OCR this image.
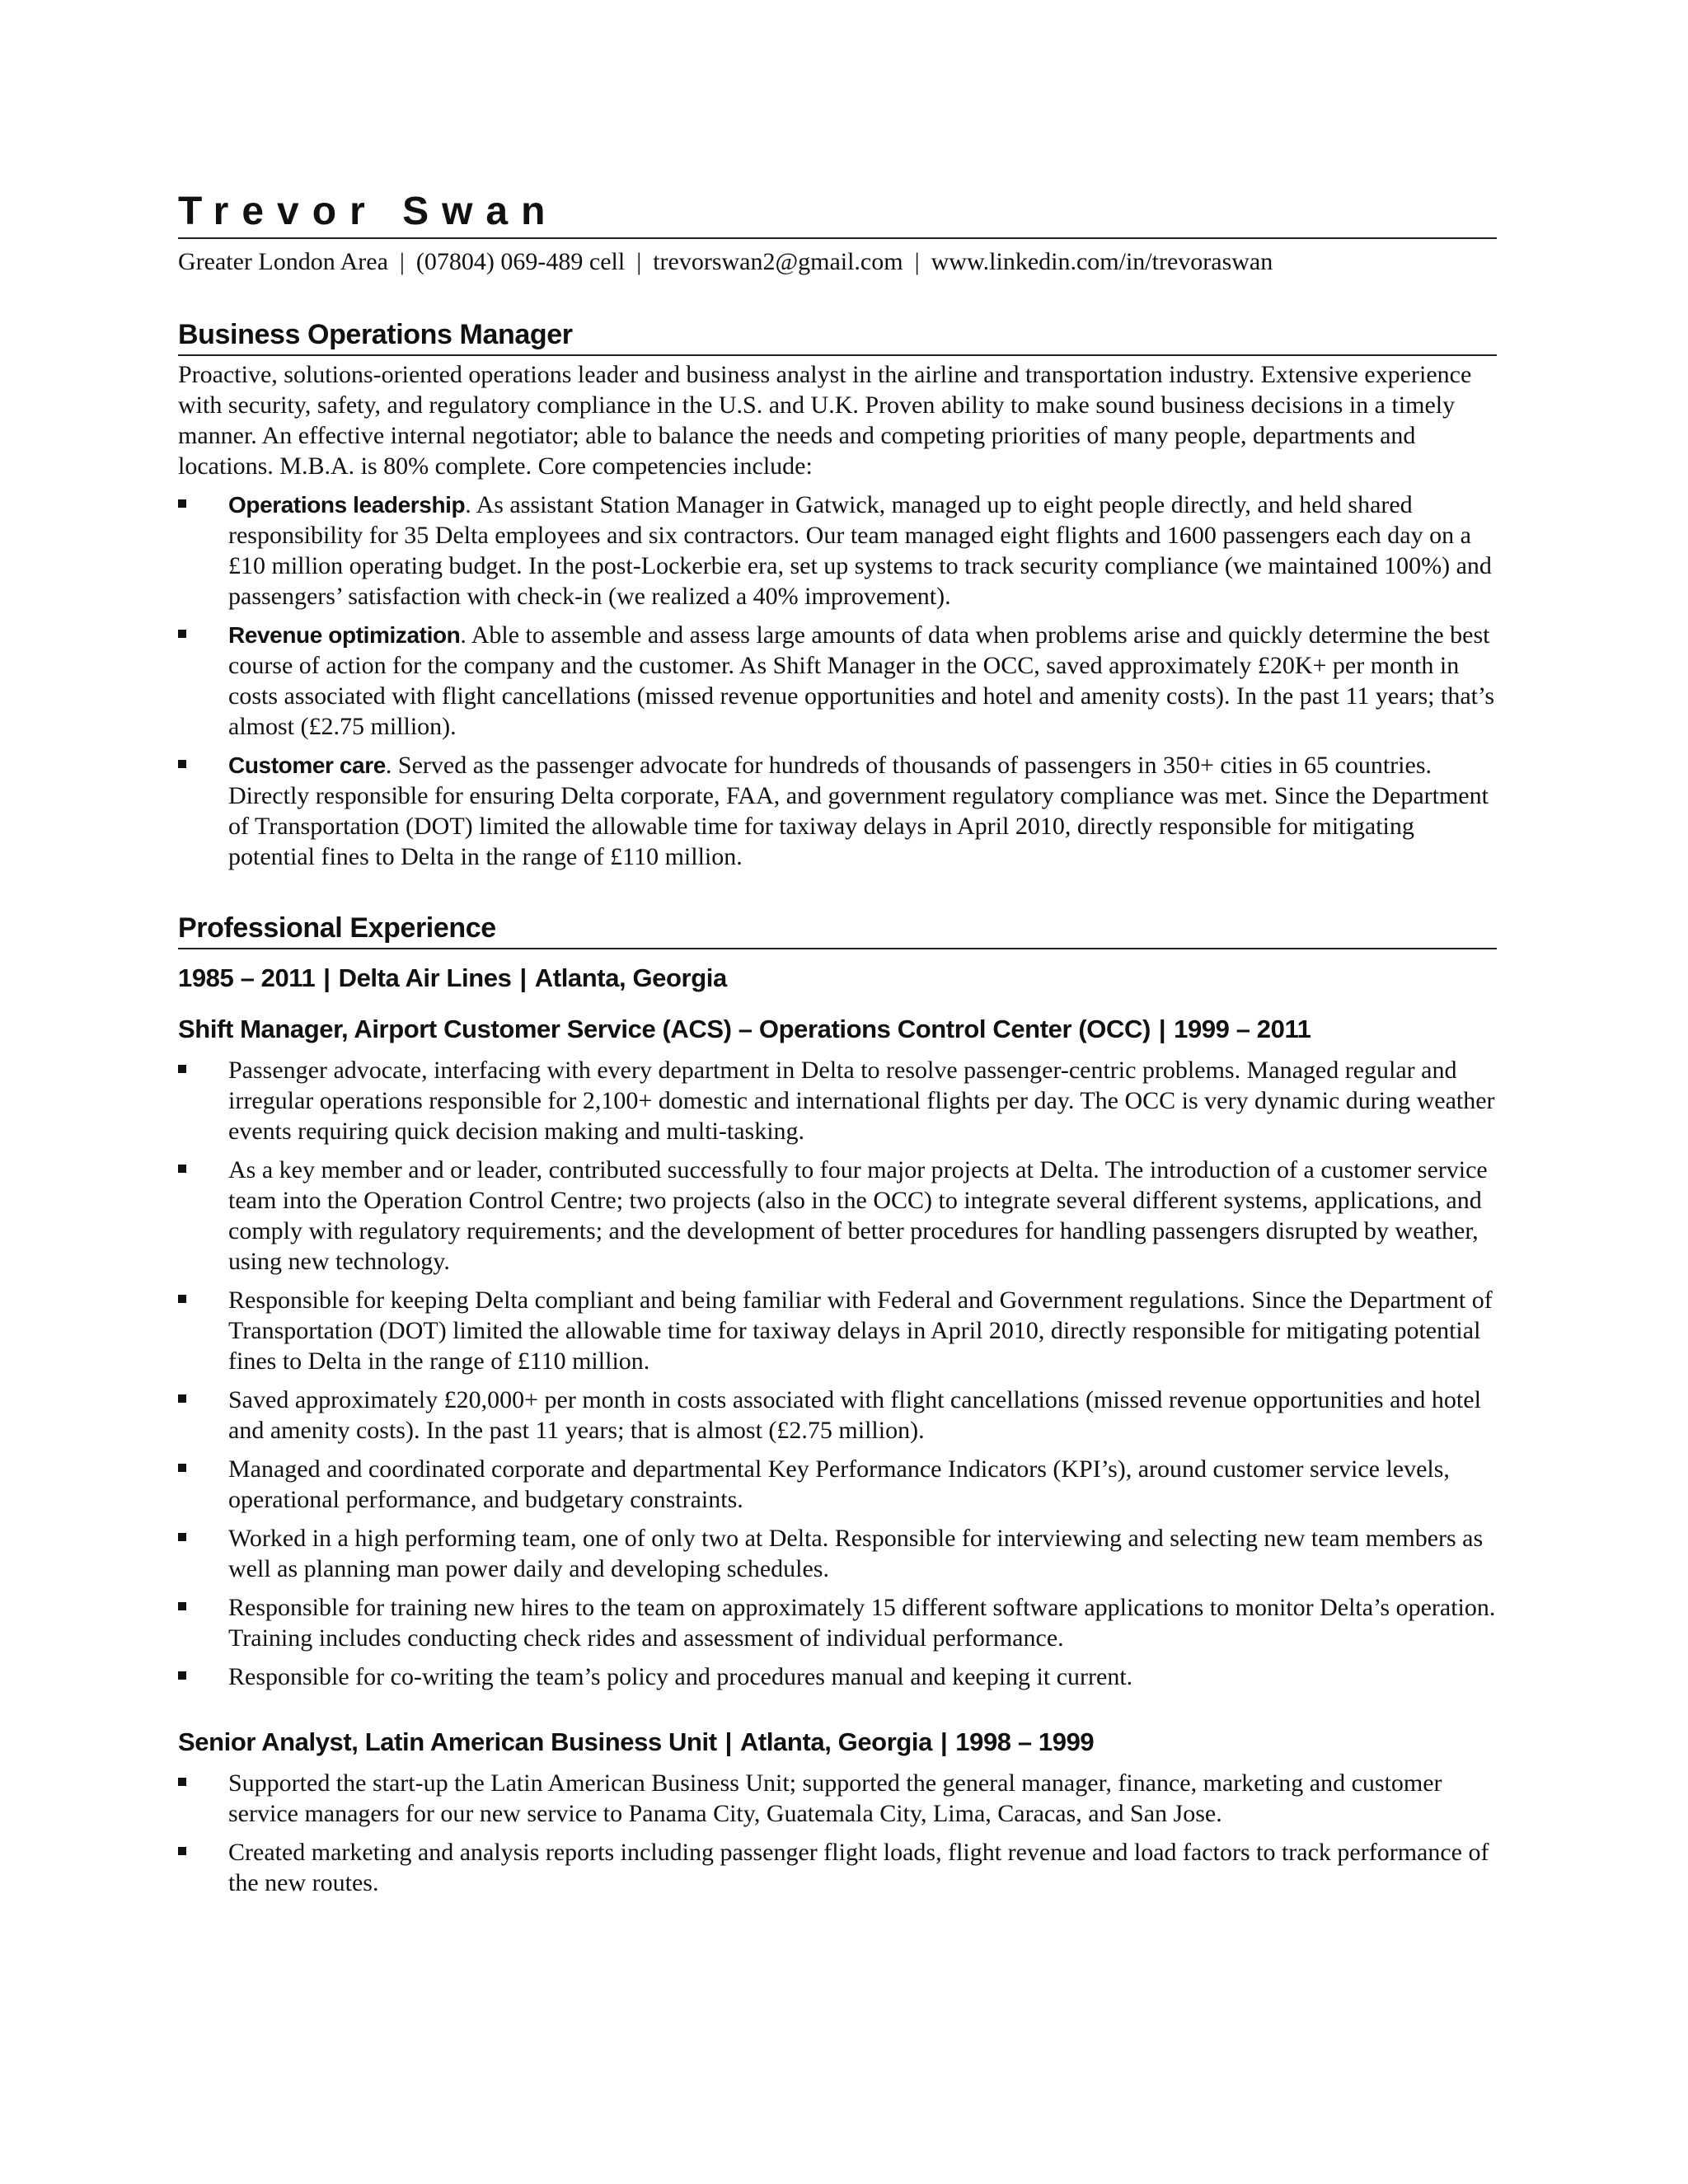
Trevor Swan
Greater London Area | (07804) 069-489 cell | trevorswan2@gmail.com | www.linkedin.com/in/trevoraswan
Business Operations Manager

Proactive, solutions-oriented operations leader and business analyst in the airline and transportation industry. Extensive experience with security, safety, and regulatory compliance in the U.S. and U.K. Proven ability to make sound business decisions in a timely manner. An effective internal negotiator; able to balance the needs and competing priorities of many people, departments and locations. M.B.A. is 80% complete. Core competencies include:

Operations leadership. As assistant Station Manager in Gatwick, managed up to eight people directly, and held shared responsibility for 35 Delta employees and six contractors. Our team managed eight flights and 1600 passengers each day on a £10 million operating budget. In the post-Lockerbie era, set up systems to track security compliance (we maintained 100%) and passengers’ satisfaction with check-in (we realized a 40% improvement).
Revenue optimization. Able to assemble and assess large amounts of data when problems arise and quickly determine the best course of action for the company and the customer. As Shift Manager in the OCC, saved approximately £20K+ per month in costs associated with flight cancellations (missed revenue opportunities and hotel and amenity costs). In the past 11 years; that’s almost (£2.75 million).
Customer care. Served as the passenger advocate for hundreds of thousands of passengers in 350+ cities in 65 countries. Directly responsible for ensuring Delta corporate, FAA, and government regulatory compliance was met. Since the Department of Transportation (DOT) limited the allowable time for taxiway delays in April 2010, directly responsible for mitigating potential fines to Delta in the range of £110 million.
Professional Experience
1985 – 2011 | Delta Air Lines | Atlanta, Georgia
Shift Manager, Airport Customer Service (ACS) – Operations Control Center (OCC) | 1999 – 2011
Passenger advocate, interfacing with every department in Delta to resolve passenger-centric problems. Managed regular and irregular operations responsible for 2,100+ domestic and international flights per day. The OCC is very dynamic during weather events requiring quick decision making and multi-tasking.
As a key member and or leader, contributed successfully to four major projects at Delta. The introduction of a customer service team into the Operation Control Centre; two projects (also in the OCC) to integrate several different systems, applications, and comply with regulatory requirements; and the development of better procedures for handling passengers disrupted by weather, using new technology.
Responsible for keeping Delta compliant and being familiar with Federal and Government regulations. Since the Department of Transportation (DOT) limited the allowable time for taxiway delays in April 2010, directly responsible for mitigating potential fines to Delta in the range of £110 million.
Saved approximately £20,000+ per month in costs associated with flight cancellations (missed revenue opportunities and hotel and amenity costs). In the past 11 years; that is almost (£2.75 million).
Managed and coordinated corporate and departmental Key Performance Indicators (KPI’s), around customer service levels, operational performance, and budgetary constraints.
Worked in a high performing team, one of only two at Delta. Responsible for interviewing and selecting new team members as well as planning man power daily and developing schedules.
Responsible for training new hires to the team on approximately 15 different software applications to monitor Delta’s operation. Training includes conducting check rides and assessment of individual performance.
Responsible for co-writing the team’s policy and procedures manual and keeping it current.
Senior Analyst, Latin American Business Unit | Atlanta, Georgia | 1998 – 1999
Supported the start-up the Latin American Business Unit; supported the general manager, finance, marketing and customer service managers for our new service to Panama City, Guatemala City, Lima, Caracas, and San Jose.
Created marketing and analysis reports including passenger flight loads, flight revenue and load factors to track performance of the new routes.
